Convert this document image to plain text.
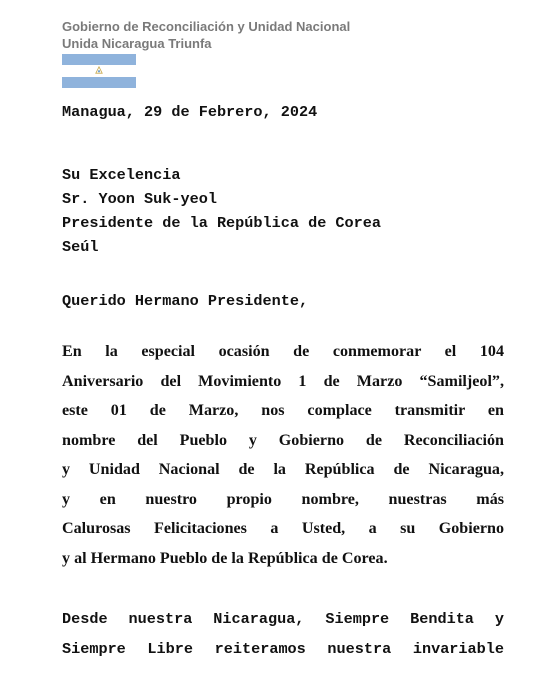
Gobierno de Reconciliación y Unidad Nacional
Unida Nicaragua Triunfa
Managua, 29 de Febrero, 2024
Su Excelencia
Sr. Yoon Suk-yeol
Presidente de la República de Corea
Seúl
Querido Hermano Presidente,
En la especial ocasión de conmemorar el 104
Aniversario del Movimiento 1 de Marzo “Samiljeol”,
este 01 de Marzo, nos complace transmitir en
nombre del Pueblo y Gobierno de Reconciliación
y Unidad Nacional de la República de Nicaragua,
y en nuestro propio nombre, nuestras más
Calurosas Felicitaciones a Usted, a su Gobierno
y al Hermano Pueblo de la República de Corea.
Desde nuestra Nicaragua, Siempre Bendita y
Siempre Libre reiteramos nuestra invariable
